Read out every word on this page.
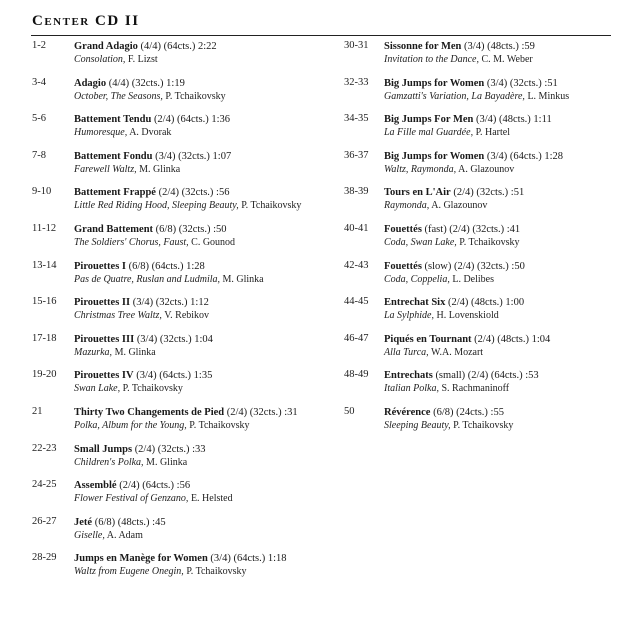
Center CD II
1-2	Grand Adagio (4/4) (64cts.) 2:22
Consolation, F. Lizst
3-4	Adagio (4/4) (32cts.) 1:19
October, The Seasons, P. Tchaikovsky
5-6	Battement Tendu (2/4) (64cts.) 1:36
Humoresque, A. Dvorak
7-8	Battement Fondu (3/4) (32cts.) 1:07
Farewell Waltz, M. Glinka
9-10 Battement Frappé (2/4) (32cts.) :56
Little Red Riding Hood, Sleeping Beauty, P. Tchaikovsky
11-12 Grand Battement (6/8) (32cts.) :50
The Soldiers' Chorus, Faust, C. Gounod
13-14 Pirouettes I (6/8) (64cts.) 1:28
Pas de Quatre, Ruslan and Ludmila, M. Glinka
15-16 Pirouettes II (3/4) (32cts.) 1:12
Christmas Tree Waltz, V. Rebikov
17-18 Pirouettes III (3/4) (32cts.) 1:04
Mazurka, M. Glinka
19-20 Pirouettes IV (3/4) (64cts.) 1:35
Swan Lake, P. Tchaikovsky
21	Thirty Two Changements de Pied (2/4) (32cts.) :31
Polka, Album for the Young, P. Tchaikovsky
22-23 Small Jumps (2/4) (32cts.) :33
Children's Polka, M. Glinka
24-25 Assemblé (2/4) (64cts.) :56
Flower Festival of Genzano, E. Helsted
26-27 Jeté (6/8) (48cts.) :45
Giselle, A. Adam
28-29 Jumps en Manège for Women (3/4) (64cts.) 1:18
Waltz from Eugene Onegin, P. Tchaikovsky
30-31 Sissonne for Men (3/4) (48cts.) :59
Invitation to the Dance, C. M. Weber
32-33 Big Jumps for Women (3/4) (32cts.) :51
Gamzatti's Variation, La Bayadère, L. Minkus
34-35 Big Jumps For Men (3/4) (48cts.) 1:11
La Fille mal Guardée, P. Hartel
36-37 Big Jumps for Women (3/4) (64cts.) 1:28
Waltz, Raymonda, A. Glazounov
38-39 Tours en L'Air (2/4) (32cts.) :51
Raymonda, A. Glazounov
40-41 Fouettés (fast) (2/4) (32cts.) :41
Coda, Swan Lake, P. Tchaikovsky
42-43 Fouettés (slow) (2/4) (32cts.) :50
Coda, Coppelia, L. Delibes
44-45 Entrechat Six (2/4) (48cts.) 1:00
La Sylphide, H. Lovenskiold
46-47 Piqués en Tournant (2/4) (48cts.) 1:04
Alla Turca, W.A. Mozart
48-49 Entrechats (small) (2/4) (64cts.) :53
Italian Polka, S. Rachmaninoff
50	Révérence (6/8) (24cts.) :55
Sleeping Beauty, P. Tchaikovsky
